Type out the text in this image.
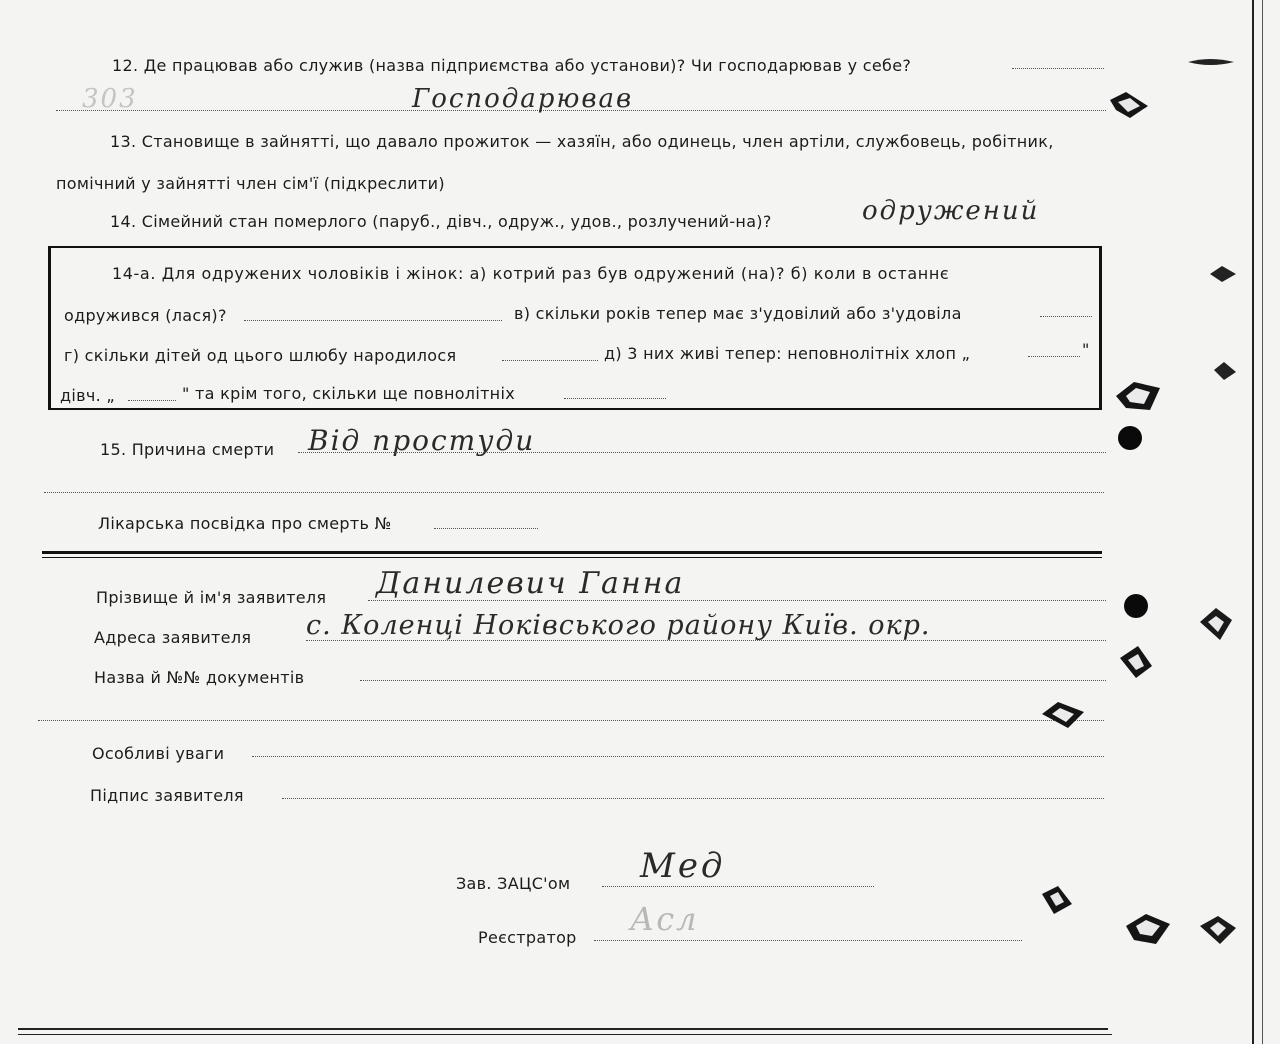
12. Де працював або служив (назва підприємства або установи)? Чи господарював у себе?
303	Господарював
13. Становище в зайнятті, що давало прожиток — хазяїн, або одинець, член артіли, службовець, робітник,
помічний у зайнятті член сім'ї (підкреслити)
14. Сімейний стан померлого (паруб., дівч., одруж., удов., розлучений-на)?	одружений
14-а. Для одружених чоловіків і жінок: а) котрий раз був одружений (на)? б) коли в останнє
одружився (лася)?	в) скільки років тепер має з'удовілий або з'удовіла
г) скільки дітей од цього шлюбу народилося	д) 3 них живі тепер: неповнолітніх хлоп „	"
дівч. „	" та крім того, скільки ще повнолітніх
15. Причина смерти Від простуди
Лікарська посвідка про смерть №
Прізвище й ім'я заявителя Данилевич Ганна
Адреса заявителя с. Коленці Ноківського району Київ. окр.
Назва й №№ документів
Особливі уваги
Підпис заявителя
Зав. ЗАЦС'ом Мед
Реєстратор Асл
